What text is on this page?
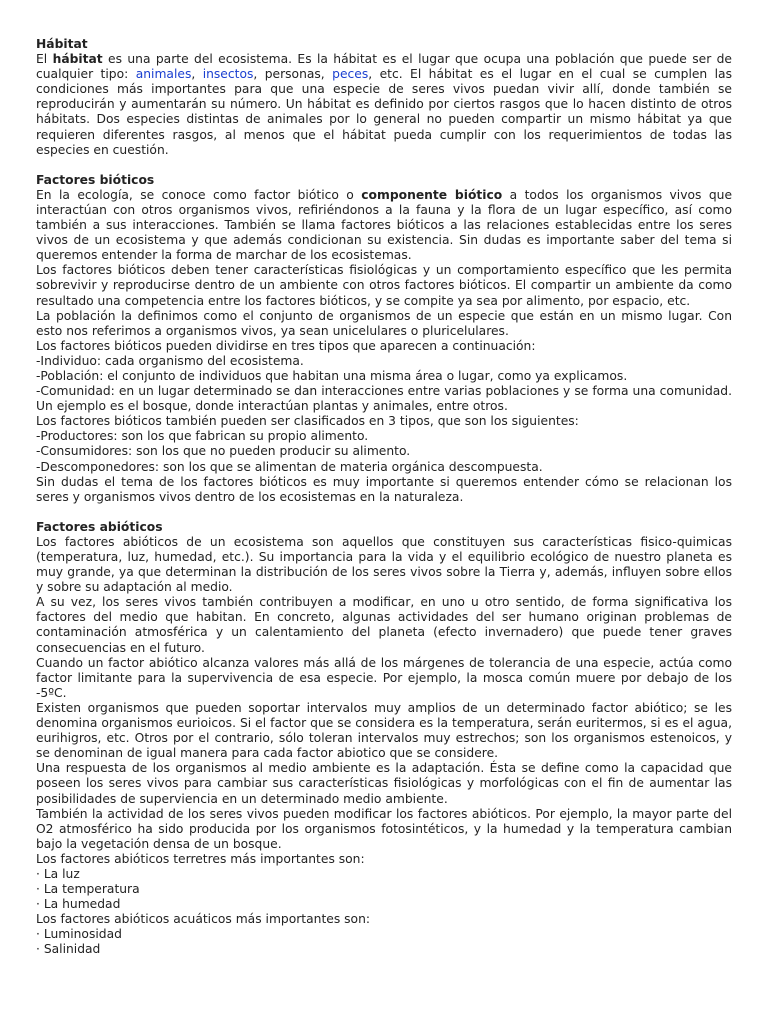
Hábitat

El hábitat es una parte del ecosistema. Es la hábitat es el lugar que ocupa una población que puede ser de cualquier tipo: animales, insectos, personas, peces, etc. El hábitat es el lugar en el cual se cumplen las condiciones más importantes para que una especie de seres vivos puedan vivir allí, donde también se reproducirán y aumentarán su número. Un hábitat es definido por ciertos rasgos que lo hacen distinto de otros hábitats. Dos especies distintas de animales por lo general no pueden compartir un mismo hábitat ya que requieren diferentes rasgos, al menos que el hábitat pueda cumplir con los requerimientos de todas las especies en cuestión.

Factores bióticos

En la ecología, se conoce como factor biótico o componente biótico a todos los organismos vivos que interactúan con otros organismos vivos, refiriéndonos a la fauna y la flora de un lugar específico, así como también a sus interacciones. También se llama factores bióticos a las relaciones establecidas entre los seres vivos de un ecosistema y que además condicionan su existencia. Sin dudas es importante saber del tema si queremos entender la forma de marchar de los ecosistemas.

Los factores bióticos deben tener características fisiológicas y un comportamiento específico que les permita sobrevivir y reproducirse dentro de un ambiente con otros factores bióticos. El compartir un ambiente da como resultado una competencia entre los factores bióticos, y se compite ya sea por alimento, por espacio, etc.

La población la definimos como el conjunto de organismos de un especie que están en un mismo lugar. Con esto nos referimos a organismos vivos, ya sean unicelulares o pluricelulares.

Los factores bióticos pueden dividirse en tres tipos que aparecen a continuación:

-Individuo: cada organismo del ecosistema.

-Población: el conjunto de individuos que habitan una misma área o lugar, como ya explicamos.

-Comunidad: en un lugar determinado se dan interacciones entre varias poblaciones y se forma una comunidad. Un ejemplo es el bosque, donde interactúan plantas y animales, entre otros.

Los factores bióticos también pueden ser clasificados en 3 tipos, que son los siguientes:

-Productores: son los que fabrican su propio alimento.

-Consumidores: son los que no pueden producir su alimento.

-Descomponedores: son los que se alimentan de materia orgánica descompuesta.

Sin dudas el tema de los factores bióticos es muy importante si queremos entender cómo se relacionan los seres y organismos vivos dentro de los ecosistemas en la naturaleza.

Factores abióticos

Los factores abióticos de un ecosistema son aquellos que constituyen sus características fisico-quimicas (temperatura, luz, humedad, etc.). Su importancia para la vida y el equilibrio ecológico de nuestro planeta es muy grande, ya que determinan la distribución de los seres vivos sobre la Tierra y, además, influyen sobre ellos y sobre su adaptación al medio.

A su vez, los seres vivos también contribuyen a modificar, en uno u otro sentido, de forma significativa los factores del medio que habitan. En concreto, algunas actividades del ser humano originan problemas de contaminación atmosférica y un calentamiento del planeta (efecto invernadero) que puede tener graves consecuencias en el futuro.

Cuando un factor abiótico alcanza valores más allá de los márgenes de tolerancia de una especie, actúa como factor limitante para la supervivencia de esa especie. Por ejemplo, la mosca común muere por debajo de los -5ºC.

Existen organismos que pueden soportar intervalos muy amplios de un determinado factor abiótico; se les denomina organismos eurioicos. Si el factor que se considera es la temperatura, serán euritermos, si es el agua, eurihigros, etc. Otros por el contrario, sólo toleran intervalos muy estrechos; son los organismos estenoicos, y se denominan de igual manera para cada factor abiotico que se considere.

Una respuesta de los organismos al medio ambiente es la adaptación. Ésta se define como la capacidad que poseen los seres vivos para cambiar sus características fisiológicas y morfológicas con el fin de aumentar las posibilidades de superviencia en un determinado medio ambiente.

También la actividad de los seres vivos pueden modificar los factores abióticos. Por ejemplo, la mayor parte del O2 atmosférico ha sido producida por los organismos fotosintéticos, y la humedad y la temperatura cambian bajo la vegetación densa de un bosque.

Los factores abióticos terretres más importantes son:

· La luz

· La temperatura

· La humedad

Los factores abióticos acuáticos más importantes son:

· Luminosidad

· Salinidad
